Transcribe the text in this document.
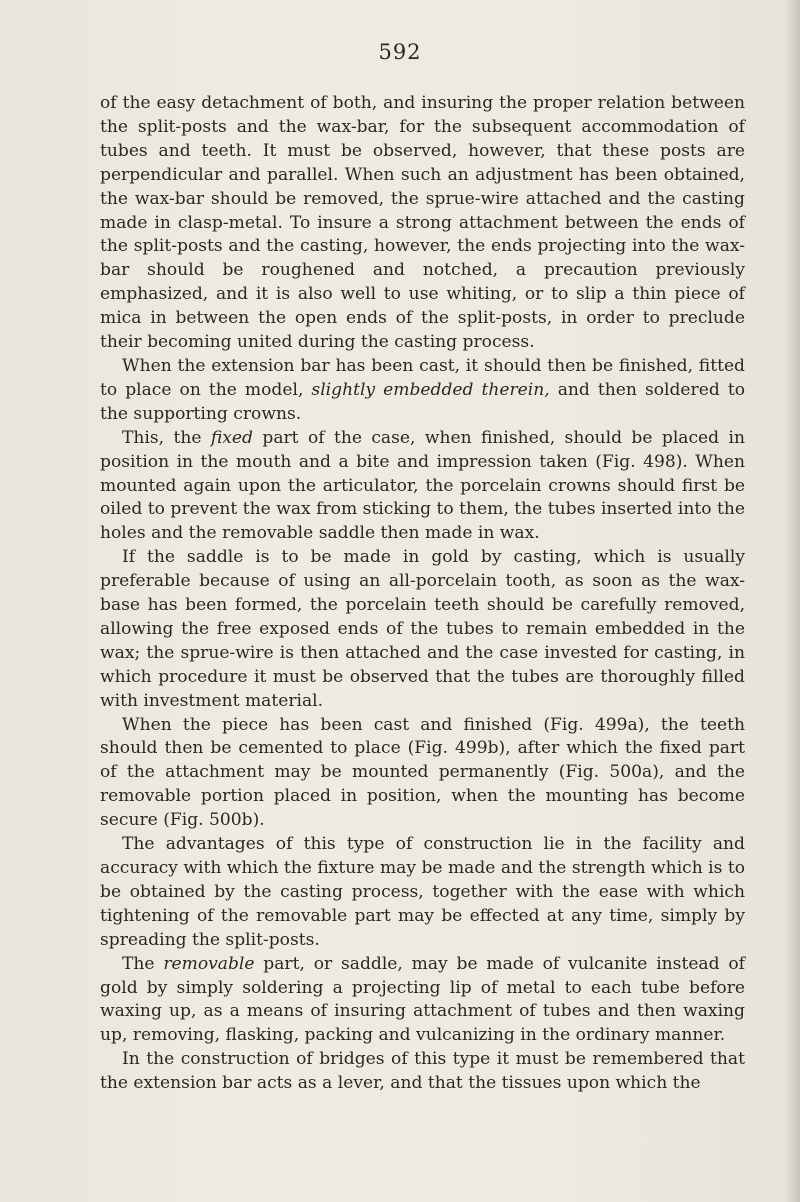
592

of the easy detachment of both, and insuring the proper relation between the split-posts and the wax-bar, for the subsequent accommodation of tubes and teeth. It must be observed, however, that these posts are perpendicular and parallel. When such an adjustment has been obtained, the wax-bar should be removed, the sprue-wire attached and the casting made in clasp-metal. To insure a strong attachment between the ends of the split-posts and the casting, however, the ends projecting into the wax-bar should be roughened and notched, a precaution previously emphasized, and it is also well to use whiting, or to slip a thin piece of mica in between the open ends of the split-posts, in order to preclude their becoming united during the casting process.

When the extension bar has been cast, it should then be finished, fitted to place on the model, slightly embedded therein, and then soldered to the supporting crowns.

This, the fixed part of the case, when finished, should be placed in position in the mouth and a bite and impression taken (Fig. 498). When mounted again upon the articulator, the porcelain crowns should first be oiled to prevent the wax from sticking to them, the tubes inserted into the holes and the removable saddle then made in wax.

If the saddle is to be made in gold by casting, which is usually preferable because of using an all-porcelain tooth, as soon as the wax-base has been formed, the porcelain teeth should be carefully removed, allowing the free exposed ends of the tubes to remain embedded in the wax; the sprue-wire is then attached and the case invested for casting, in which procedure it must be observed that the tubes are thoroughly filled with investment material.

When the piece has been cast and finished (Fig. 499a), the teeth should then be cemented to place (Fig. 499b), after which the fixed part of the attachment may be mounted permanently (Fig. 500a), and the removable portion placed in position, when the mounting has become secure (Fig. 500b).

The advantages of this type of construction lie in the facility and accuracy with which the fixture may be made and the strength which is to be obtained by the casting process, together with the ease with which tightening of the removable part may be effected at any time, simply by spreading the split-posts.

The removable part, or saddle, may be made of vulcanite instead of gold by simply soldering a projecting lip of metal to each tube before waxing up, as a means of insuring attachment of tubes and then waxing up, removing, flasking, packing and vulcanizing in the ordinary manner.

In the construction of bridges of this type it must be remembered that the extension bar acts as a lever, and that the tissues upon which the
